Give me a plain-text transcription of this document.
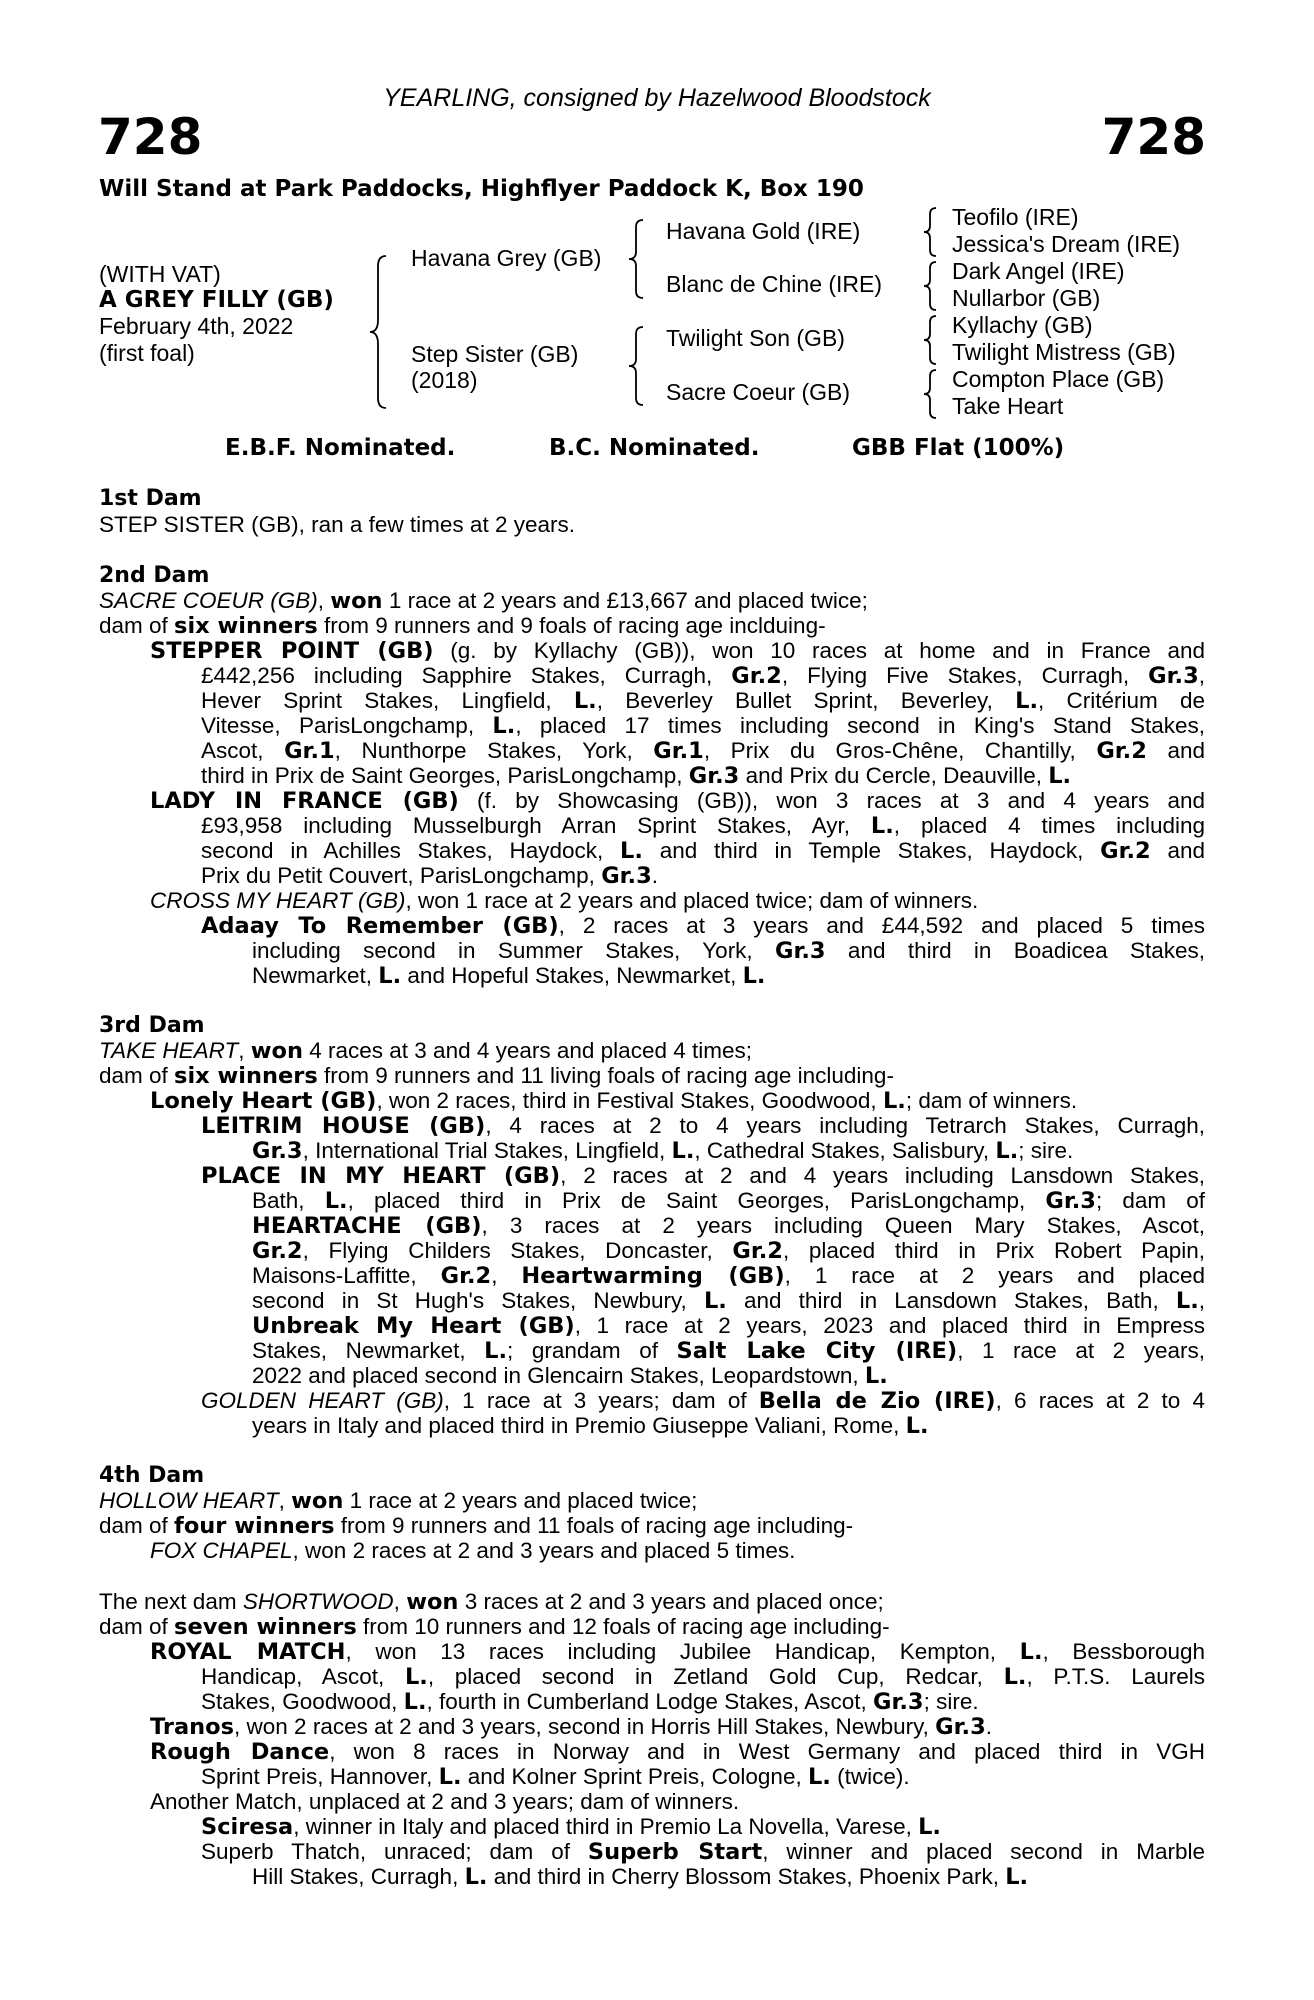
YEARLING, consigned by Hazelwood Bloodstock
728	728
Will Stand at Park Paddocks, Highflyer Paddock K, Box 190
(WITH VAT)
A GREY FILLY (GB)
February 4th, 2022
(first foal)
Havana Grey (GB)
Step Sister (GB)
(2018)
Havana Gold (IRE)
Blanc de Chine (IRE)
Twilight Son (GB)
Sacre Coeur (GB)
Teofilo (IRE)
Jessica's Dream (IRE)
Dark Angel (IRE)
Nullarbor (GB)
Kyllachy (GB)
Twilight Mistress (GB)
Compton Place (GB)
Take Heart
E.B.F. Nominated.	B.C. Nominated.	GBB Flat (100%)
1st Dam
STEP SISTER (GB), ran a few times at 2 years.
2nd Dam
SACRE COEUR (GB), won 1 race at 2 years and £13,667 and placed twice;
dam of six winners from 9 runners and 9 foals of racing age inclduing-
STEPPER POINT (GB) (g. by Kyllachy (GB)), won 10 races at home and in France and
£442,256 including Sapphire Stakes, Curragh, Gr.2, Flying Five Stakes, Curragh, Gr.3,
Hever Sprint Stakes, Lingfield, L., Beverley Bullet Sprint, Beverley, L., Critérium de
Vitesse, ParisLongchamp, L., placed 17 times including second in King's Stand Stakes,
Ascot, Gr.1, Nunthorpe Stakes, York, Gr.1, Prix du Gros-Chêne, Chantilly, Gr.2 and
third in Prix de Saint Georges, ParisLongchamp, Gr.3 and Prix du Cercle, Deauville, L.
LADY IN FRANCE (GB) (f. by Showcasing (GB)), won 3 races at 3 and 4 years and
£93,958 including Musselburgh Arran Sprint Stakes, Ayr, L., placed 4 times including
second in Achilles Stakes, Haydock, L. and third in Temple Stakes, Haydock, Gr.2 and
Prix du Petit Couvert, ParisLongchamp, Gr.3.
CROSS MY HEART (GB), won 1 race at 2 years and placed twice; dam of winners.
Adaay To Remember (GB), 2 races at 3 years and £44,592 and placed 5 times
including second in Summer Stakes, York, Gr.3 and third in Boadicea Stakes,
Newmarket, L. and Hopeful Stakes, Newmarket, L.
3rd Dam
TAKE HEART, won 4 races at 3 and 4 years and placed 4 times;
dam of six winners from 9 runners and 11 living foals of racing age including-
Lonely Heart (GB), won 2 races, third in Festival Stakes, Goodwood, L.; dam of winners.
LEITRIM HOUSE (GB), 4 races at 2 to 4 years including Tetrarch Stakes, Curragh,
Gr.3, International Trial Stakes, Lingfield, L., Cathedral Stakes, Salisbury, L.; sire.
PLACE IN MY HEART (GB), 2 races at 2 and 4 years including Lansdown Stakes,
Bath, L., placed third in Prix de Saint Georges, ParisLongchamp, Gr.3; dam of
HEARTACHE (GB), 3 races at 2 years including Queen Mary Stakes, Ascot,
Gr.2, Flying Childers Stakes, Doncaster, Gr.2, placed third in Prix Robert Papin,
Maisons-Laffitte, Gr.2, Heartwarming (GB), 1 race at 2 years and placed
second in St Hugh's Stakes, Newbury, L. and third in Lansdown Stakes, Bath, L.,
Unbreak My Heart (GB), 1 race at 2 years, 2023 and placed third in Empress
Stakes, Newmarket, L.; grandam of Salt Lake City (IRE), 1 race at 2 years,
2022 and placed second in Glencairn Stakes, Leopardstown, L.
GOLDEN HEART (GB), 1 race at 3 years; dam of Bella de Zio (IRE), 6 races at 2 to 4
years in Italy and placed third in Premio Giuseppe Valiani, Rome, L.
4th Dam
HOLLOW HEART, won 1 race at 2 years and placed twice;
dam of four winners from 9 runners and 11 foals of racing age including-
FOX CHAPEL, won 2 races at 2 and 3 years and placed 5 times.
The next dam SHORTWOOD, won 3 races at 2 and 3 years and placed once;
dam of seven winners from 10 runners and 12 foals of racing age including-
ROYAL MATCH, won 13 races including Jubilee Handicap, Kempton, L., Bessborough
Handicap, Ascot, L., placed second in Zetland Gold Cup, Redcar, L., P.T.S. Laurels
Stakes, Goodwood, L., fourth in Cumberland Lodge Stakes, Ascot, Gr.3; sire.
Tranos, won 2 races at 2 and 3 years, second in Horris Hill Stakes, Newbury, Gr.3.
Rough Dance, won 8 races in Norway and in West Germany and placed third in VGH
Sprint Preis, Hannover, L. and Kolner Sprint Preis, Cologne, L. (twice).
Another Match, unplaced at 2 and 3 years; dam of winners.
Sciresa, winner in Italy and placed third in Premio La Novella, Varese, L.
Superb Thatch, unraced; dam of Superb Start, winner and placed second in Marble
Hill Stakes, Curragh, L. and third in Cherry Blossom Stakes, Phoenix Park, L.
